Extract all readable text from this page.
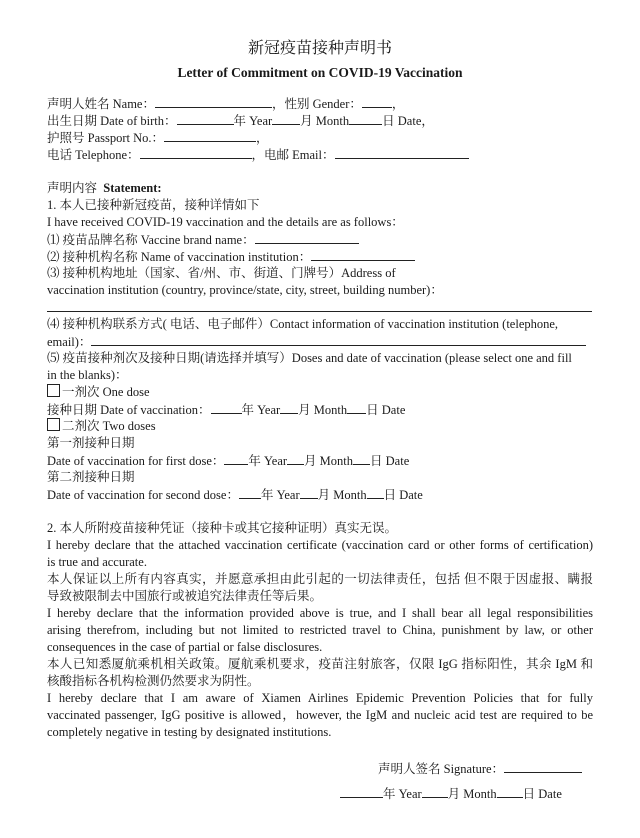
新冠疫苗接种声明书
Letter of Commitment on COVID-19 Vaccination
声明人姓名 Name：	，性别 Gender： ，
出生日期 Date of birth：	年 Year 月 Month	日 Date，
护照号 Passport No.：	，
电话 Telephone：	，电邮 Email：
声明内容 Statement:
1. 本人已接种新冠疫苗，接种详情如下
I have received COVID-19 vaccination and the details are as follows：
⑴ 疫苗品牌名称 Vaccine brand name：
⑵ 接种机构名称 Name of vaccination institution：
⑶ 接种机构地址（国家、省/州、市、街道、门牌号）Address of
vaccination institution (country, province/state, city, street, building number)：
⑷ 接种机构联系方式( 电话、电子邮件）Contact information of vaccination institution (telephone,
email)：
⑸ 疫苗接种剂次及接种日期(请选择并填写）Doses and date of vaccination (please select one and fill
in the blanks)：
一剂次 One dose
接种日期 Date of vaccination： 年 Year 月 Month 日 Date
二剂次 Two doses
第一剂接种日期
Date of vaccination for first dose： 年 Year 月 Month 日 Date
第二剂接种日期
Date of vaccination for second dose： 年 Year 月 Month 日 Date
2. 本人所附疫苗接种凭证（接种卡或其它接种证明）真实无误。
I hereby declare that the attached vaccination certificate (vaccination card or other forms of certification)
is true and accurate.
本人保证以上所有内容真实，并愿意承担由此引起的一切法律责任，包括 但不限于因虚报、瞒报
导致被限制去中国旅行或被追究法律责任等后果。
I hereby declare that the information provided above is true, and I shall bear all legal responsibilities
arising therefrom, including but not limited to restricted travel to China, punishment by law, or other
consequences in the case of partial or false disclosures.
本人已知悉厦航乘机相关政策。厦航乘机要求，疫苗注射旅客，仅限 IgG 指标阳性，其余 IgM 和
核酸指标各机构检测仍然要求为阴性。
I hereby declare that I am aware of Xiamen Airlines Epidemic Prevention Policies that for fully
vaccinated passenger, IgG positive is allowed，however, the IgM and nucleic acid test are required to be
completely negative in testing by designated institutions.
声明人签名 Signature：
年 Year 月 Month 日 Date
